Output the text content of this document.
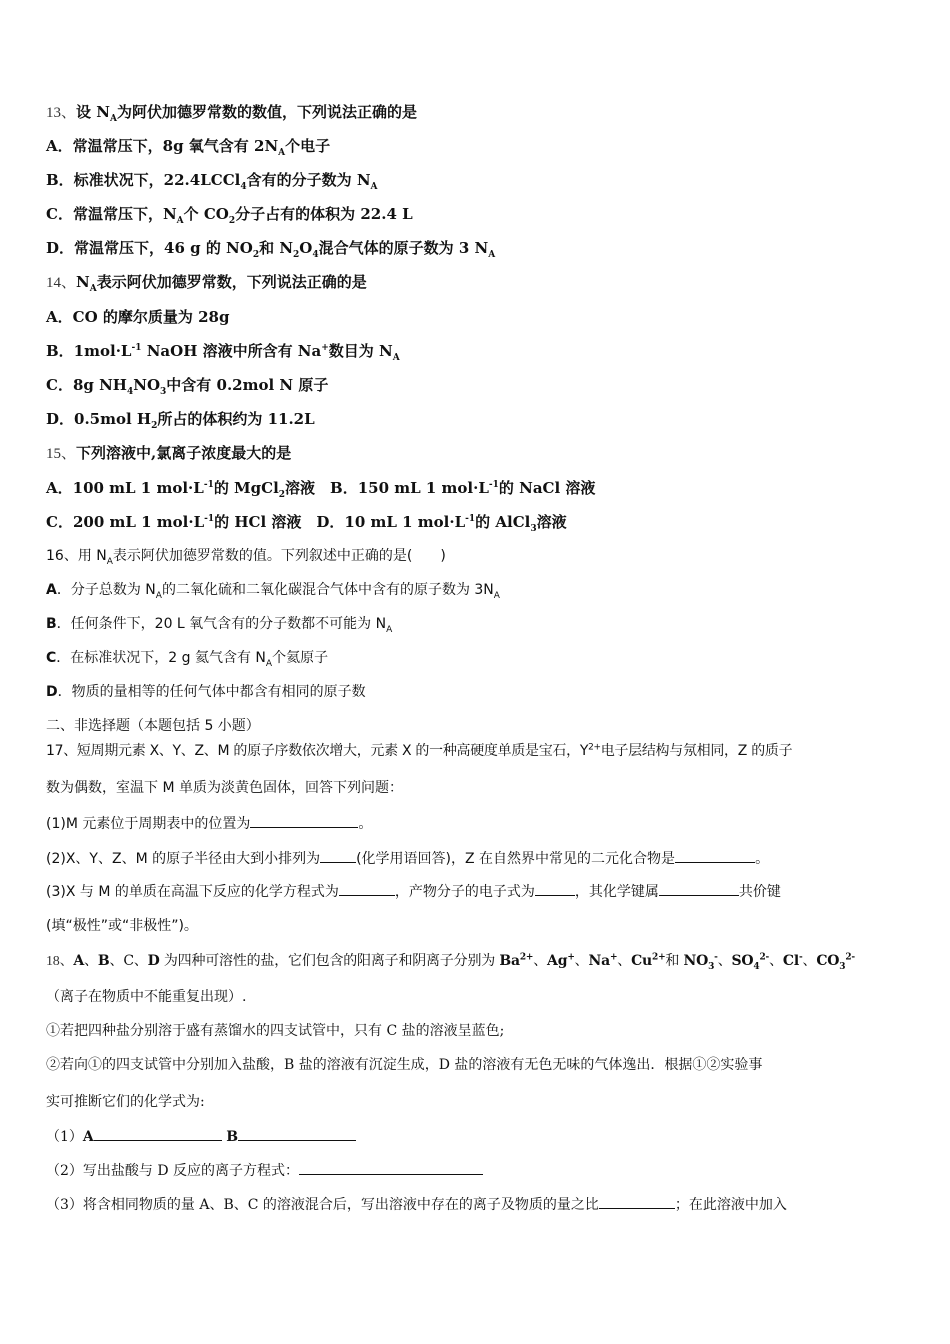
13、设 $N_A$为阿伏加德罗常数的数值，下列说法正确的是
A．常温常压下，8g 氧气含有 $2N_A$个电子
B．标准状况下，22.4LCCl$_4$含有的分子数为 $N_A$
C．常温常压下，$N_A$个 $CO_2$分子占有的体积为 22.4 L
D．常温常压下，46 g 的 $NO_2$和 $N_2O_4$混合气体的原子数为 3 $N_A$
14、$N_A$表示阿伏加德罗常数，下列说法正确的是
A．CO 的摩尔质量为 28g
B．$1mol\cdot L^{-1}$ NaOH 溶液中所含有 Na+数目为 $N_A$
C．8g $NH_4NO_3$中含有 0.2mol N 原子
D．0.5mol $H_2$所占的体积约为 11.2L
15、下列溶液中,氯离子浓度最大的是
A．100 mL 1 $mol\cdot L^{-1}$的 MgCl$_2$溶液　B．150 mL 1 $mol\cdot L^{-1}$的 NaCl 溶液
C．200 mL 1 $mol\cdot L^{-1}$的 HCl 溶液　D．10 mL 1 $mol\cdot L^{-1}$的 AlCl$_3$溶液
16、用 $N_A$表示阿伏加德罗常数的值。下列叙述中正确的是(　　)
A．分子总数为 $N_A$的二氧化硫和二氧化碳混合气体中含有的原子数为 $3N_A$
B．任何条件下，20 L 氧气含有的分子数都不可能为 $N_A$
C．在标准状况下，2 g 氦气含有 $N_A$个氦原子
D．物质的量相等的任何气体中都含有相同的原子数
二、非选择题（本题包括 5 小题）
17、短周期元素 X、Y、Z、M 的原子序数依次增大，元素 X 的一种高硬度单质是宝石，$Y^{2+}$电子层结构与氖相同，Z 的质子
数为偶数，室温下 M 单质为淡黄色固体，回答下列问题：
(1)M 元素位于周期表中的位置为	。
(2)X、Y、Z、M 的原子半径由大到小排列为	(化学用语回答)，Z 在自然界中常见的二元化合物是	。
(3)X 与 M 的单质在高温下反应的化学方程式为	，产物分子的电子式为	，其化学键属	共价键
(填“极性”或“非极性”)。
18、A、B、C、D 为四种可溶性的盐，它们包含的阳离子和阴离子分别为 $Ba^{2+}$、Ag+、Na+、$Cu^{2+}$和 $NO_3^-$、$SO_4^{2-}$、Cl-、$CO_3^{2-}$
（离子在物质中不能重复出现）.
①若把四种盐分别溶于盛有蒸馏水的四支试管中，只有 C 盐的溶液呈蓝色;
②若向①的四支试管中分别加入盐酸，B 盐的溶液有沉淀生成，D 盐的溶液有无色无味的气体逸出．根据①②实验事
实可推断它们的化学式为:
（1）A	B
（2）写出盐酸与 D 反应的离子方程式：
（3）将含相同物质的量 A、B、C 的溶液混合后，写出溶液中存在的离子及物质的量之比	；在此溶液中加入
